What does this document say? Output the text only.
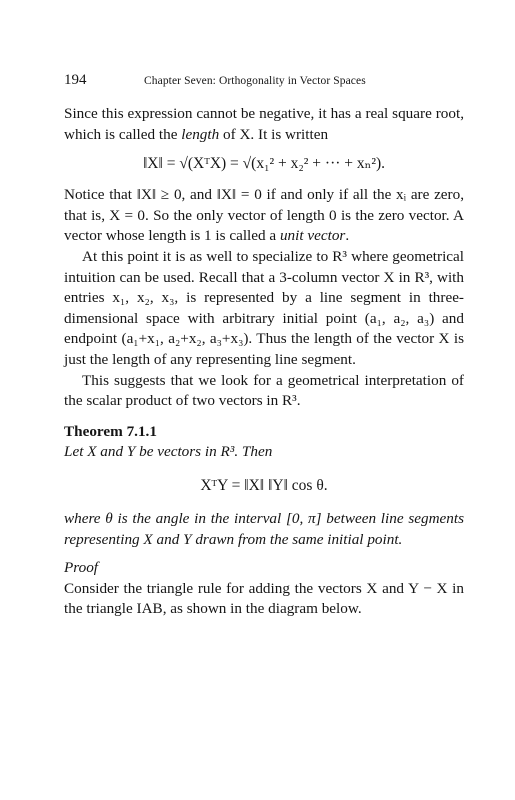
194	Chapter Seven: Orthogonality in Vector Spaces

Since this expression cannot be negative, it has a real square root, which is called the length of X. It is written

‖X‖ = √(XᵀX) = √(x₁² + x₂² + ··· + xₙ²).

Notice that ‖X‖ ≥ 0, and ‖X‖ = 0 if and only if all the xᵢ are zero, that is, X = 0. So the only vector of length 0 is the zero vector. A vector whose length is 1 is called a unit vector.

At this point it is as well to specialize to R³ where geometrical intuition can be used. Recall that a 3-column vector X in R³, with entries x₁, x₂, x₃, is represented by a line segment in three-dimensional space with arbitrary initial point (a₁, a₂, a₃) and endpoint (a₁+x₁, a₂+x₂, a₃+x₃). Thus the length of the vector X is just the length of any representing line segment.

This suggests that we look for a geometrical interpretation of the scalar product of two vectors in R³.

Theorem 7.1.1

Let X and Y be vectors in R³. Then

XᵀY = ‖X‖ ‖Y‖ cos θ.

where θ is the angle in the interval [0, π] between line segments representing X and Y drawn from the same initial point.

Proof

Consider the triangle rule for adding the vectors X and Y − X in the triangle IAB, as shown in the diagram below.
